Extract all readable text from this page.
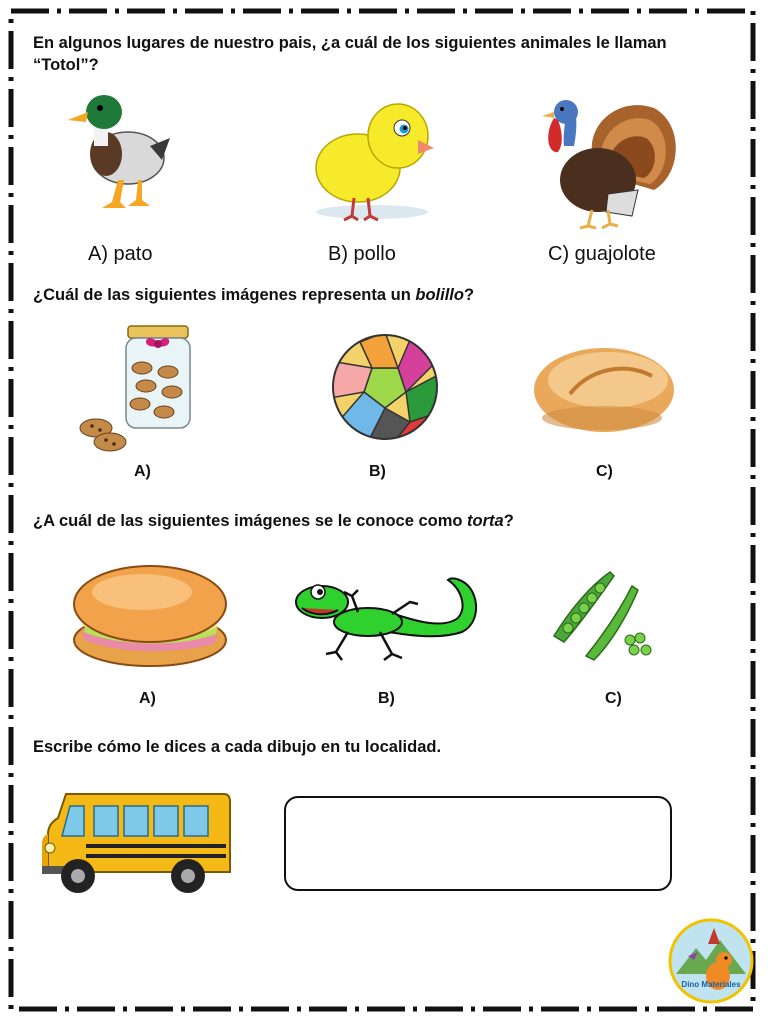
En algunos lugares de nuestro pais, ¿a cuál de los siguientes animales le llaman “Totol”?

A) pato	B) pollo	C) guajolote

¿Cuál de las siguientes imágenes representa un bolillo?

A)	B)	C)

¿A cuál de las siguientes imágenes se le conoce como torta?

A)	B)	C)

Escribe cómo le dices a cada dibujo en tu localidad.

Dino Materiales
